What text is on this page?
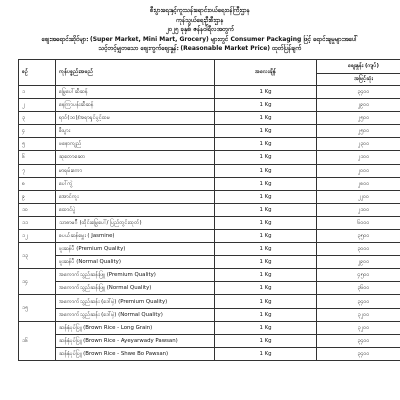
စီးပွားရေးနှင့်ကူးသန်းရောင်းဝယ်ရေးဝန်ကြီးဌာန
ကုန်သွယ်ရေးဦးစီးဌာန
၂၀၂၅ ခုနှစ်၊ ဇန်နဝါရီလအတွက်
စျေးအရောင်းဆိုင်များ (Super Market, Mini Mart, Grocery) များတွင် Consumer Packaging ဖြင့် ရောင်းချမှုများအပေါ်
သင့်တင့်မျှတသော စျေးကွက်စျေးနှုန်း (Reasonable Market Price) ထုတ်ပြန်ချက်
စဉ်	ကုန်ပစ္စည်းအမည်	အလေးချိန်	စျေးနှုန်း (ကျပ်)
			အမြင့်ဆုံး
၁	မြွေပေါ်ဆီဆန်	1 Kg	၃၄၀၀
၂	နေကြာပန်းဆီဆန်	1 Kg	၂၉၀၀
၃	ရာဝ်(၁၀)/အရာရှင်ပွင့်ထမ	1 Kg	၂၅၀၀
၄	စီးပွား	1 Kg	၂၅၀၀
၅	ဖနောကျည်	1 Kg	၂၃၀၀
၆	ဆုတောခေတ	1 Kg	၂၁၀၀
၇	မာရမ်းကော	1 Kg	၂၀၀၀
၈	ပေါ်ကွဲ	1 Kg	၂၈၀၀
၉	အောင်ကူး	1 Kg	၂၂၀၀
၁၀	ထောင်ပွဲ	1 Kg	၂၁၀၀
၁၁	သာဓာမဂ်ီ (ထိုင်းမြွေပေါ်/ ပြည်တွင်းထုတ်)	1 Kg	၆၀၀၀
၁၂	စပယ်ဆန်မွှေး ( Jasmine)	1 Kg	၃၅၀၀
၁၃	ဖူးဆန်ပီ (Premium Quality)	1 Kg	၃၀၀၀
	ဖူးဆန်ပီ (Normal Quality)	1 Kg	၂၉၀၀
၁၄	အကောက်သွည်ဆန်းဖြူ (Premium Quality)	1 Kg	၄၅၀၀
	အကောက်သွည်ဆန်းဖြူ (Normal Quality)	1 Kg	၃၆၀၀
၁၅	အကောက်သွည်ဆန်း (ဒေါ်မှဲ) (Premium Quality)	1 Kg	၃၄၀၀
	အကောက်သွည်ဆန်း (ဒေါ်မှဲ) (Normal Quality)	1 Kg	၃၂၀၀
၁၆	ဆန်နှံပုပ်ပြူ (Brown Rice - Long Grain)	1 Kg	၃၂၀၀
	ဆန်နှံပုပ်ပြူ (Brown Rice - Ayeyarwady Pawsan)	1 Kg	၃၄၀၀
	ဆန်နှံပုပ်ပြူ (Brown Rice - Shwe Bo Pawsan)	1 Kg	၃၄၀၀
